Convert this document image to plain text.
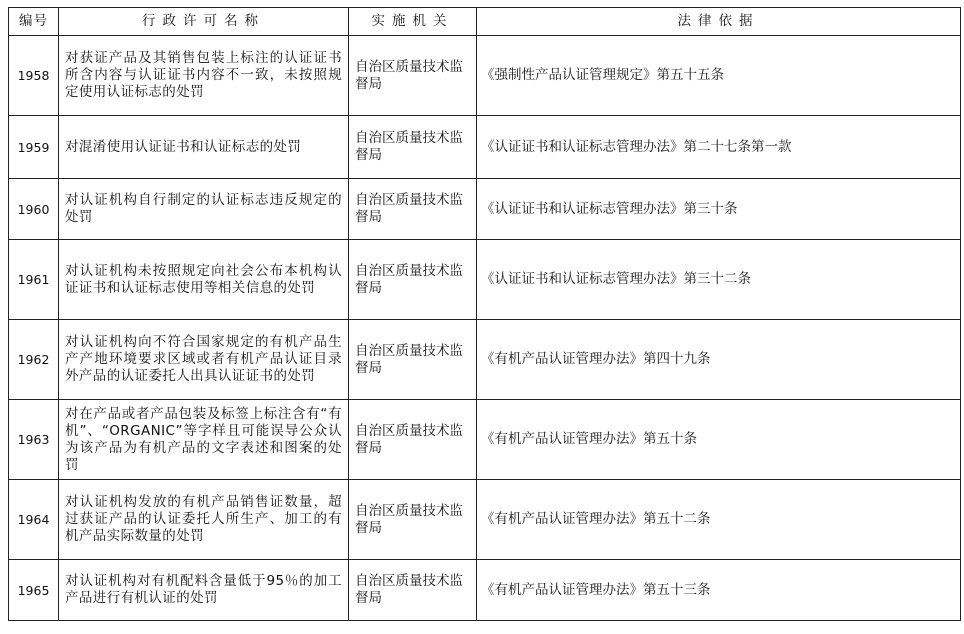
编号	行政许可名称	实施机关	法律依据
1958	对获证产品及其销售包装上标注的认证证书所含内容与认证证书内容不一致，未按照规定使用认证标志的处罚	自治区质量技术监督局	《强制性产品认证管理规定》第五十五条
1959	对混淆使用认证证书和认证标志的处罚	自治区质量技术监督局	《认证证书和认证标志管理办法》第二十七条第一款
1960	对认证机构自行制定的认证标志违反规定的处罚	自治区质量技术监督局	《认证证书和认证标志管理办法》第三十条
1961	对认证机构未按照规定向社会公布本机构认证证书和认证标志使用等相关信息的处罚	自治区质量技术监督局	《认证证书和认证标志管理办法》第三十二条
1962	对认证机构向不符合国家规定的有机产品生产产地环境要求区域或者有机产品认证目录外产品的认证委托人出具认证证书的处罚	自治区质量技术监督局	《有机产品认证管理办法》第四十九条
1963	对在产品或者产品包装及标签上标注含有“有机”、“ORGANIC”等字样且可能误导公众认为该产品为有机产品的文字表述和图案的处罚	自治区质量技术监督局	《有机产品认证管理办法》第五十条
1964	对认证机构发放的有机产品销售证数量，超过获证产品的认证委托人所生产、加工的有机产品实际数量的处罚	自治区质量技术监督局	《有机产品认证管理办法》第五十二条
1965	对认证机构对有机配料含量低于95％的加工产品进行有机认证的处罚	自治区质量技术监督局	《有机产品认证管理办法》第五十三条
